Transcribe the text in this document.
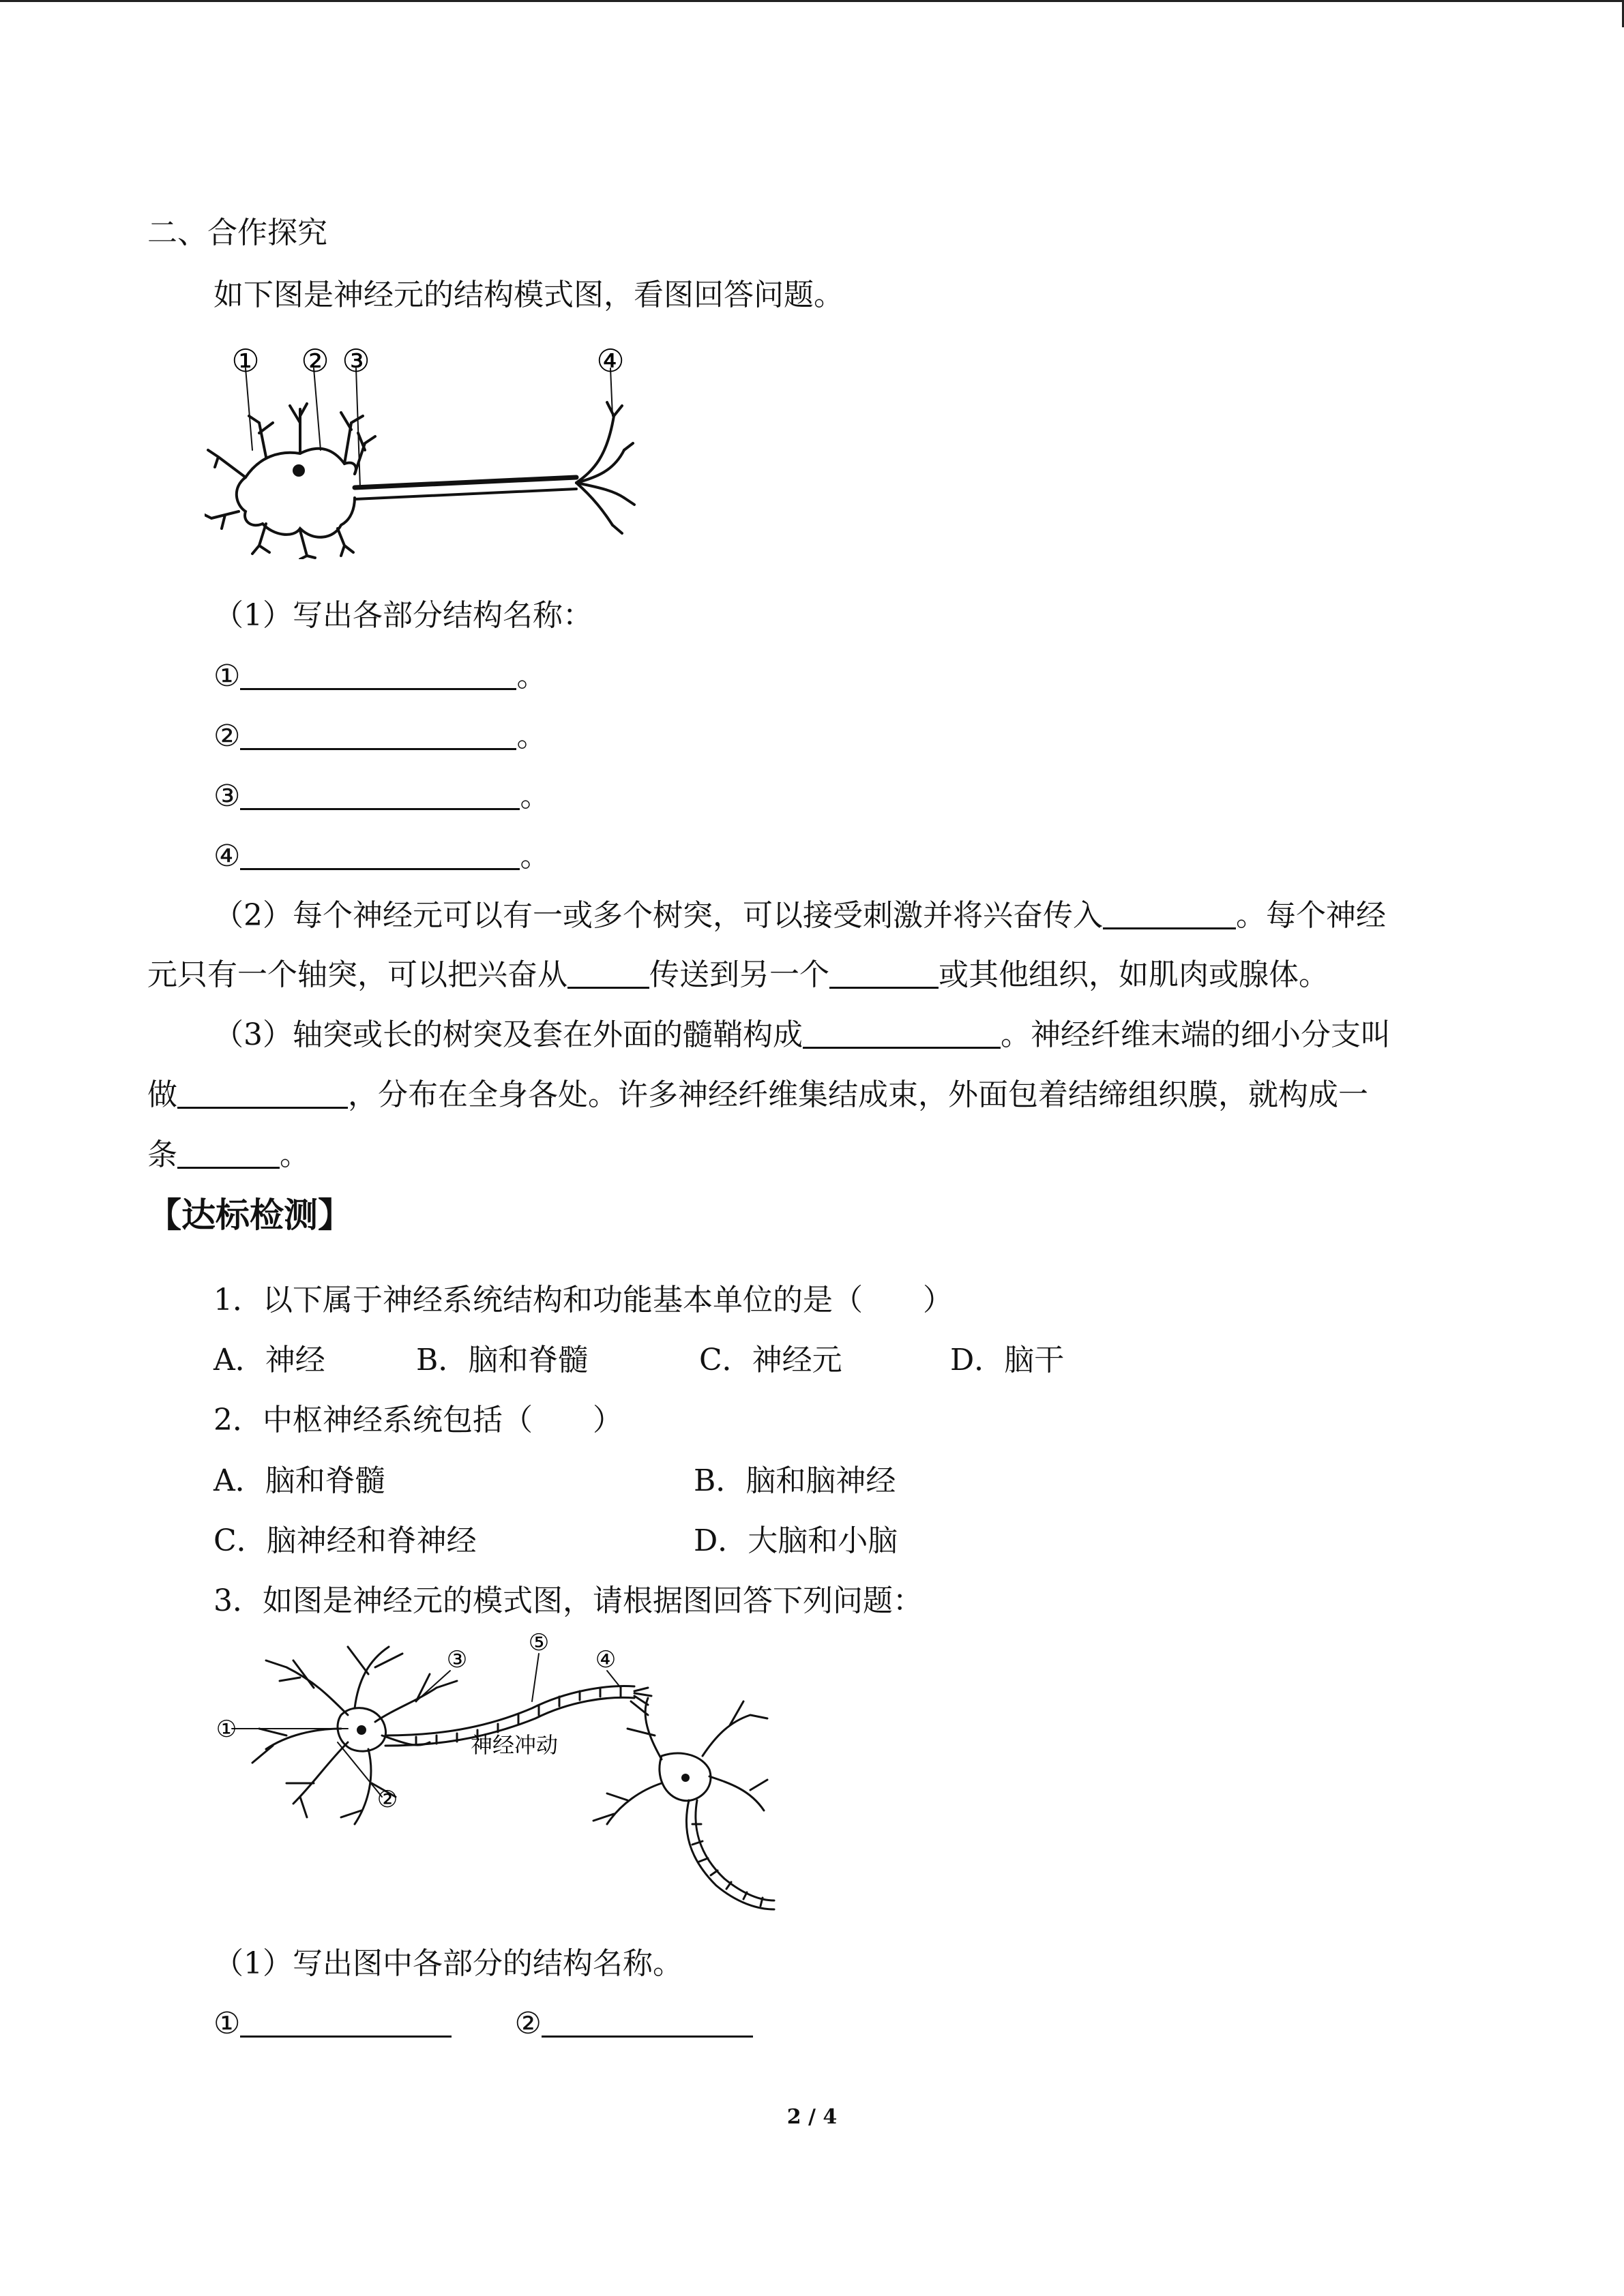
二、合作探究
如下图是神经元的结构模式图，看图回答问题。
① ② ③	④
（1）写出各部分结构名称：
①	。
②	。
③	。
④	。
（2）每个神经元可以有一或多个树突，可以接受刺激并将兴奋传入	。每个神经
元只有一个轴突，可以把兴奋从	传送到另一个	或其他组织，如肌肉或腺体。
（3）轴突或长的树突及套在外面的髓鞘构成	。神经纤维末端的细小分支叫
做	，分布在全身各处。许多神经纤维集结成束，外面包着结缔组织膜，就构成一
条	。
【达标检测】
1．以下属于神经系统结构和功能基本单位的是（　　）
A．神经	B．脑和脊髓	C．神经元	D．脑干
2．中枢神经系统包括（　　）
A．脑和脊髓	B．脑和脑神经
C．脑神经和脊神经	D．大脑和小脑
3．如图是神经元的模式图，请根据图回答下列问题：
①
②
③	④
⑤
神经冲动
（1）写出图中各部分的结构名称。
①	②
2 / 4
